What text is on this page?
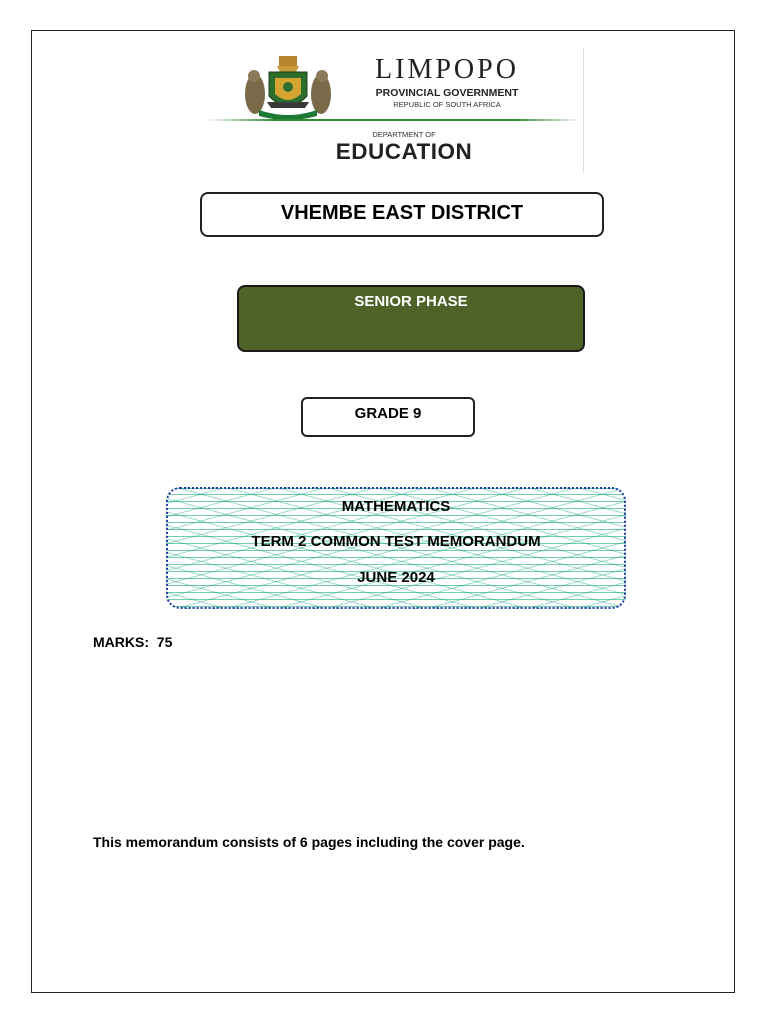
LIMPOPO
PROVINCIAL GOVERNMENT
REPUBLIC OF SOUTH AFRICA
DEPARTMENT OF
EDUCATION
VHEMBE EAST DISTRICT
SENIOR PHASE
GRADE 9
MATHEMATICS
TERM 2 COMMON TEST MEMORANDUM
JUNE 2024
MARKS: 75
This memorandum consists of 6 pages including the cover page.
